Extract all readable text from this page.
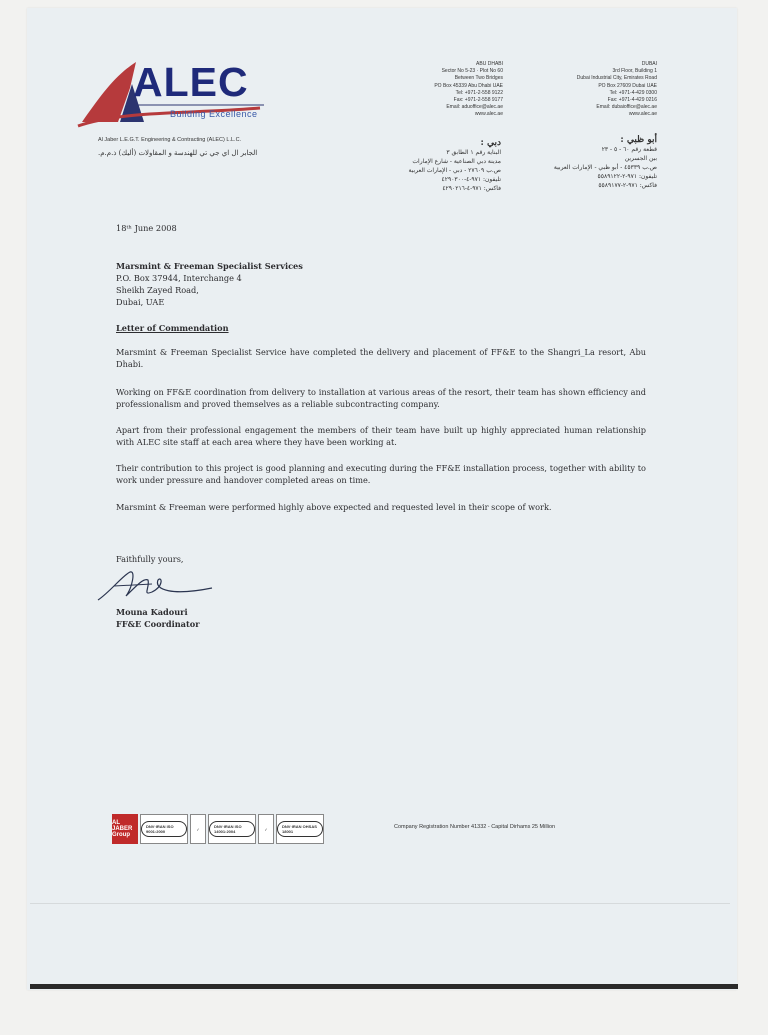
ALEC
Building Excellence
Al Jaber L.E.G.T. Engineering & Contracting (ALEC) L.L.C.
الجابر ال اي جي تي للهندسة و المقاولات (أليك) ذ.م.م.
ABU DHABI
Sector No 5-23 · Plot No 60
Between Two Bridges
PO Box 45339 Abu Dhabi UAE
Tel: +971-2-558 9122
Fax: +971-2-558 9177
Email: aduoffice@alec.ae
www.alec.ae
DUBAI
3rd Floor, Building 1
Dubai Industrial City, Emirates Road
PO Box 27609 Dubai UAE
Tel: +971-4-429 0300
Fax: +971-4-429 0216
Email: dubaioffice@alec.ae
www.alec.ae
دبي :
البناية رقم ١ الطابق ٣
مدينة دبي الصناعية - شارع الإمارات
ص.ب ٢٧٦٠٩ - دبي - الإمارات العربية
تليفون: ٩٧١-٤-٤٢٩٠٣٠٠
فاكس: ٩٧١-٤-٤٢٩٠٢١٦
أبو ظبي :
قطعة رقم ٦٠ - ٥ - ٢٣
بين الجسرين
ص.ب ٤٥٣٣٩ - أبو ظبي - الإمارات العربية
تليفون: ٩٧١-٢-٥٥٨٩١٢٢
فاكس: ٩٧١-٢-٥٥٨٩١٧٧
18ᵗʰ June 2008
Marsmint & Freeman Specialist Services
P.O. Box 37944, Interchange 4
Sheikh Zayed Road,
Dubai, UAE
Letter of Commendation
Marsmint & Freeman Specialist Service have completed the delivery and placement of FF&E to the Shangri_La resort, Abu Dhabi.
Working on FF&E coordination from delivery to installation at various areas of the resort, their team has shown efficiency and professionalism and proved themselves as a reliable subcontracting company.
Apart from their professional engagement the members of their team have built up highly appreciated human relationship with ALEC site staff at each area where they have been working at.
Their contribution to this project is good planning and executing during the FF&E installation process, together with ability to work under pressure and handover completed areas on time.
Marsmint & Freeman were performed highly above expected and requested level in their scope of work.
Faithfully yours,
Mouna Kadouri
FF&E Coordinator
AL JABER Group
DNV·IRAN ISO 9001:2000	✓	DNV·IRAN ISO 14001:2004	✓	DNV·IRAN OHSAS 18001
Company Registration Number 41332 - Capital Dirhams 25 Million
